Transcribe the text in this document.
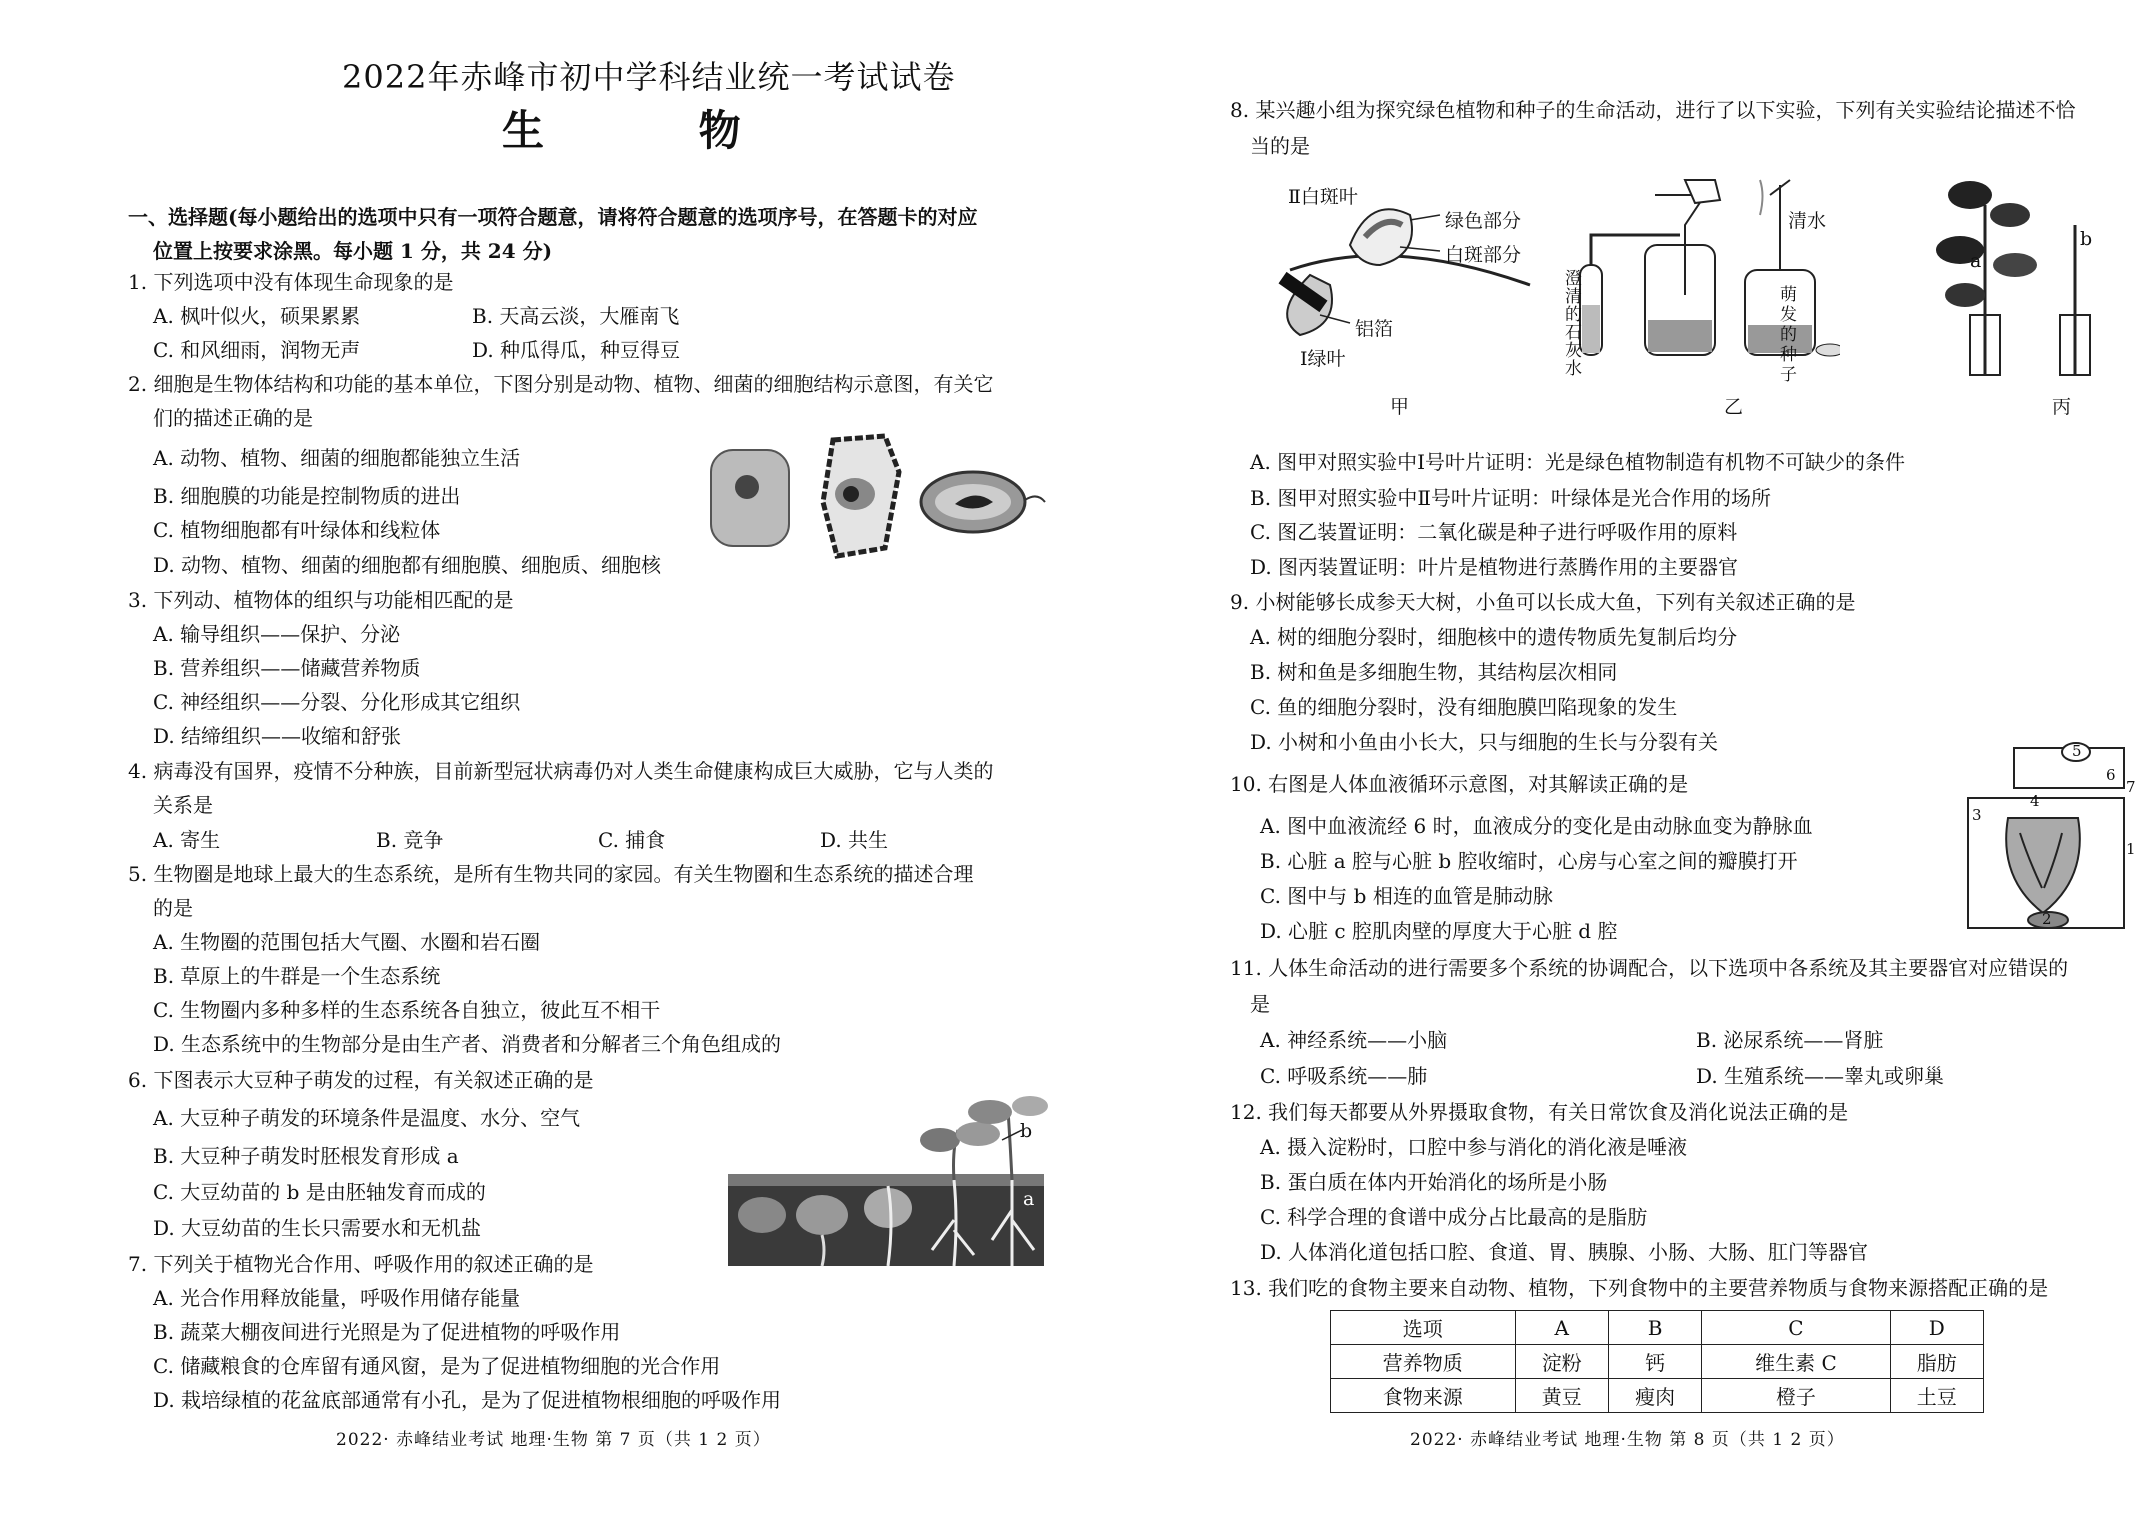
2022年赤峰市初中学科结业统一考试试卷
生 物
一、选择题(每小题给出的选项中只有一项符合题意，请将符合题意的选项序号，在答题卡的对应
位置上按要求涂黑。每小题 1 分，共 24 分)
1. 下列选项中没有体现生命现象的是
A. 枫叶似火，硕果累累	B. 天高云淡，大雁南飞
C. 和风细雨，润物无声	D. 种瓜得瓜，种豆得豆
2. 细胞是生物体结构和功能的基本单位，下图分别是动物、植物、细菌的细胞结构示意图，有关它
们的描述正确的是
A. 动物、植物、细菌的细胞都能独立生活
B. 细胞膜的功能是控制物质的进出
C. 植物细胞都有叶绿体和线粒体
D. 动物、植物、细菌的细胞都有细胞膜、细胞质、细胞核
3. 下列动、植物体的组织与功能相匹配的是
A. 输导组织——保护、分泌
B. 营养组织——储藏营养物质
C. 神经组织——分裂、分化形成其它组织
D. 结缔组织——收缩和舒张
4. 病毒没有国界，疫情不分种族，目前新型冠状病毒仍对人类生命健康构成巨大威胁，它与人类的
关系是
A. 寄生	B. 竞争	C. 捕食	D. 共生
5. 生物圈是地球上最大的生态系统，是所有生物共同的家园。有关生物圈和生态系统的描述合理
的是
A. 生物圈的范围包括大气圈、水圈和岩石圈
B. 草原上的牛群是一个生态系统
C. 生物圈内多种多样的生态系统各自独立，彼此互不相干
D. 生态系统中的生物部分是由生产者、消费者和分解者三个角色组成的
6. 下图表示大豆种子萌发的过程，有关叙述正确的是
A. 大豆种子萌发的环境条件是温度、水分、空气
B. 大豆种子萌发时胚根发育形成 a
C. 大豆幼苗的 b 是由胚轴发育而成的
D. 大豆幼苗的生长只需要水和无机盐
b
a
7. 下列关于植物光合作用、呼吸作用的叙述正确的是
A. 光合作用释放能量，呼吸作用储存能量
B. 蔬菜大棚夜间进行光照是为了促进植物的呼吸作用
C. 储藏粮食的仓库留有通风窗，是为了促进植物细胞的光合作用
D. 栽培绿植的花盆底部通常有小孔，是为了促进植物根细胞的呼吸作用
2022· 赤峰结业考试 地理·生物 第 7 页（共 1 2 页）
8. 某兴趣小组为探究绿色植物和种子的生命活动，进行了以下实验，下列有关实验结论描述不恰
当的是
Ⅱ白斑叶
绿色部分
白斑部分
铝箔
Ⅰ绿叶
甲
清水
澄清的石灰水
萌发的种子
乙
a
b
丙
A. 图甲对照实验中Ⅰ号叶片证明：光是绿色植物制造有机物不可缺少的条件
B. 图甲对照实验中Ⅱ号叶片证明：叶绿体是光合作用的场所
C. 图乙装置证明：二氧化碳是种子进行呼吸作用的原料
D. 图丙装置证明：叶片是植物进行蒸腾作用的主要器官
9. 小树能够长成参天大树，小鱼可以长成大鱼，下列有关叙述正确的是
A. 树的细胞分裂时，细胞核中的遗传物质先复制后均分
B. 树和鱼是多细胞生物，其结构层次相同
C. 鱼的细胞分裂时，没有细胞膜凹陷现象的发生
D. 小树和小鱼由小长大，只与细胞的生长与分裂有关
10. 右图是人体血液循环示意图，对其解读正确的是
A. 图中血液流经 6 时，血液成分的变化是由动脉血变为静脉血
B. 心脏 a 腔与心脏 b 腔收缩时，心房与心室之间的瓣膜打开
C. 图中与 b 相连的血管是肺动脉
D. 心脏 c 腔肌肉壁的厚度大于心脏 d 腔
5
6
7
4
3
1
2
11. 人体生命活动的进行需要多个系统的协调配合，以下选项中各系统及其主要器官对应错误的
是
A. 神经系统——小脑	B. 泌尿系统——肾脏
C. 呼吸系统——肺	D. 生殖系统——睾丸或卵巢
12. 我们每天都要从外界摄取食物，有关日常饮食及消化说法正确的是
A. 摄入淀粉时，口腔中参与消化的消化液是唾液
B. 蛋白质在体内开始消化的场所是小肠
C. 科学合理的食谱中成分占比最高的是脂肪
D. 人体消化道包括口腔、食道、胃、胰腺、小肠、大肠、肛门等器官
13. 我们吃的食物主要来自动物、植物，下列食物中的主要营养物质与食物来源搭配正确的是
选项	A	B	C	D
营养物质	淀粉	钙	维生素 C	脂肪
食物来源	黄豆	瘦肉	橙子	土豆
2022· 赤峰结业考试 地理·生物 第 8 页（共 1 2 页）
